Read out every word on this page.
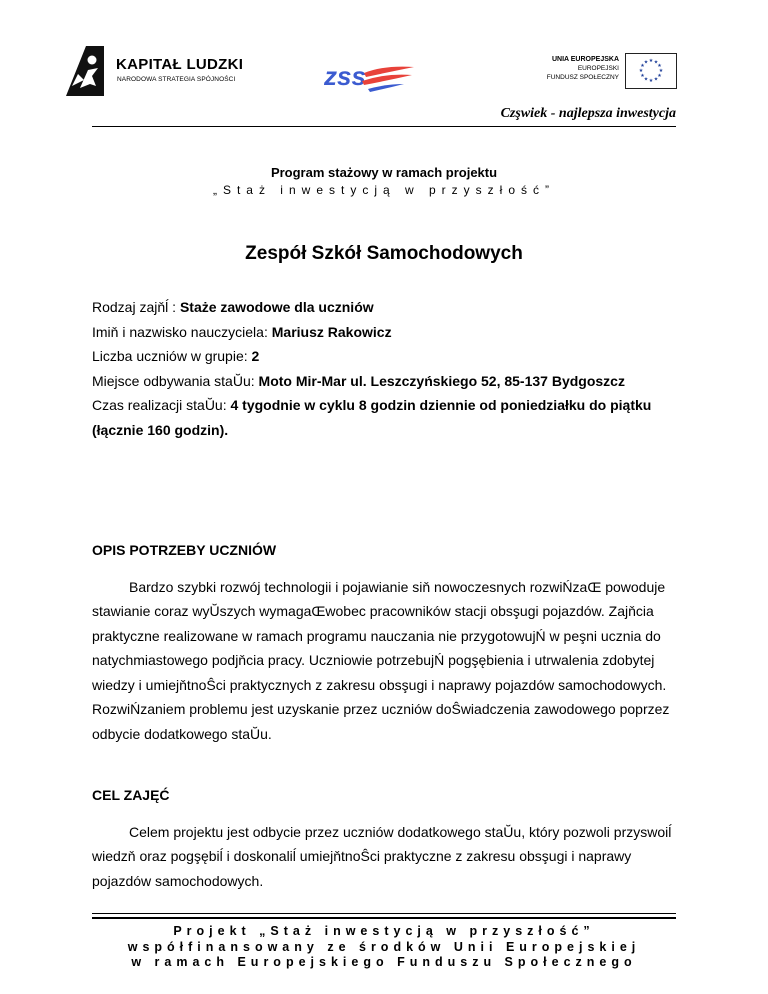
KAPITAŁ LUDZKI
NARODOWA STRATEGIA SPÓJNOŚCI	zss
UNIA EUROPEJSKA
EUROPEJSKI
FUNDUSZ SPOŁECZNY
★ ★
★
★
★
★
★
★
★
★
★
★
Czşwiek - najlepsza inwestycja
Program stażowy w ramach projektu
„Staż inwestycją w przyszłość”
Zespół Szkół Samochodowych

Rodzaj zajňĺ : Staże zawodowe dla uczniów

Imiň i nazwisko nauczyciela: Mariusz Rakowicz

Liczba uczniów w grupie: 2

Miejsce odbywania staŬu: Moto Mir-Mar ul. Leszczyńskiego 52, 85-137 Bydgoszcz

Czas realizacji staŬu: 4 tygodnie w cyklu 8 godzin dziennie od poniedziałku do piątku (łącznie 160 godzin).

OPIS POTRZEBY UCZNIÓW

Bardzo szybki rozwój technologii i pojawianie siň nowoczesnych rozwiŃzaŒ powoduje stawianie coraz wyŬszych wymagaŒwobec pracowników stacji obsşugi pojazdów. Zajňcia praktyczne realizowane w ramach programu nauczania nie przygotowujŃ w peşni ucznia do natychmiastowego podjňcia pracy. Uczniowie potrzebujŃ pogşębienia i utrwalenia zdobytej wiedzy i umiejňtnoŜci praktycznych z zakresu obsşugi i naprawy pojazdów samochodowych. RozwiŃzaniem problemu jest uzyskanie przez uczniów doŜwiadczenia zawodowego poprzez odbycie dodatkowego staŬu.

CEL ZAJĘĆ

Celem projektu jest odbycie przez uczniów dodatkowego staŬu, który pozwoli przyswoiĺ wiedzň oraz pogşębiĺ i doskonaliĺ umiejňtnoŜci praktyczne z zakresu obsşugi i naprawy pojazdów samochodowych.

Projekt „Staż inwestycją w przyszłość”
współfinansowany ze środków Unii Europejskiej
w ramach Europejskiego Funduszu Społecznego
